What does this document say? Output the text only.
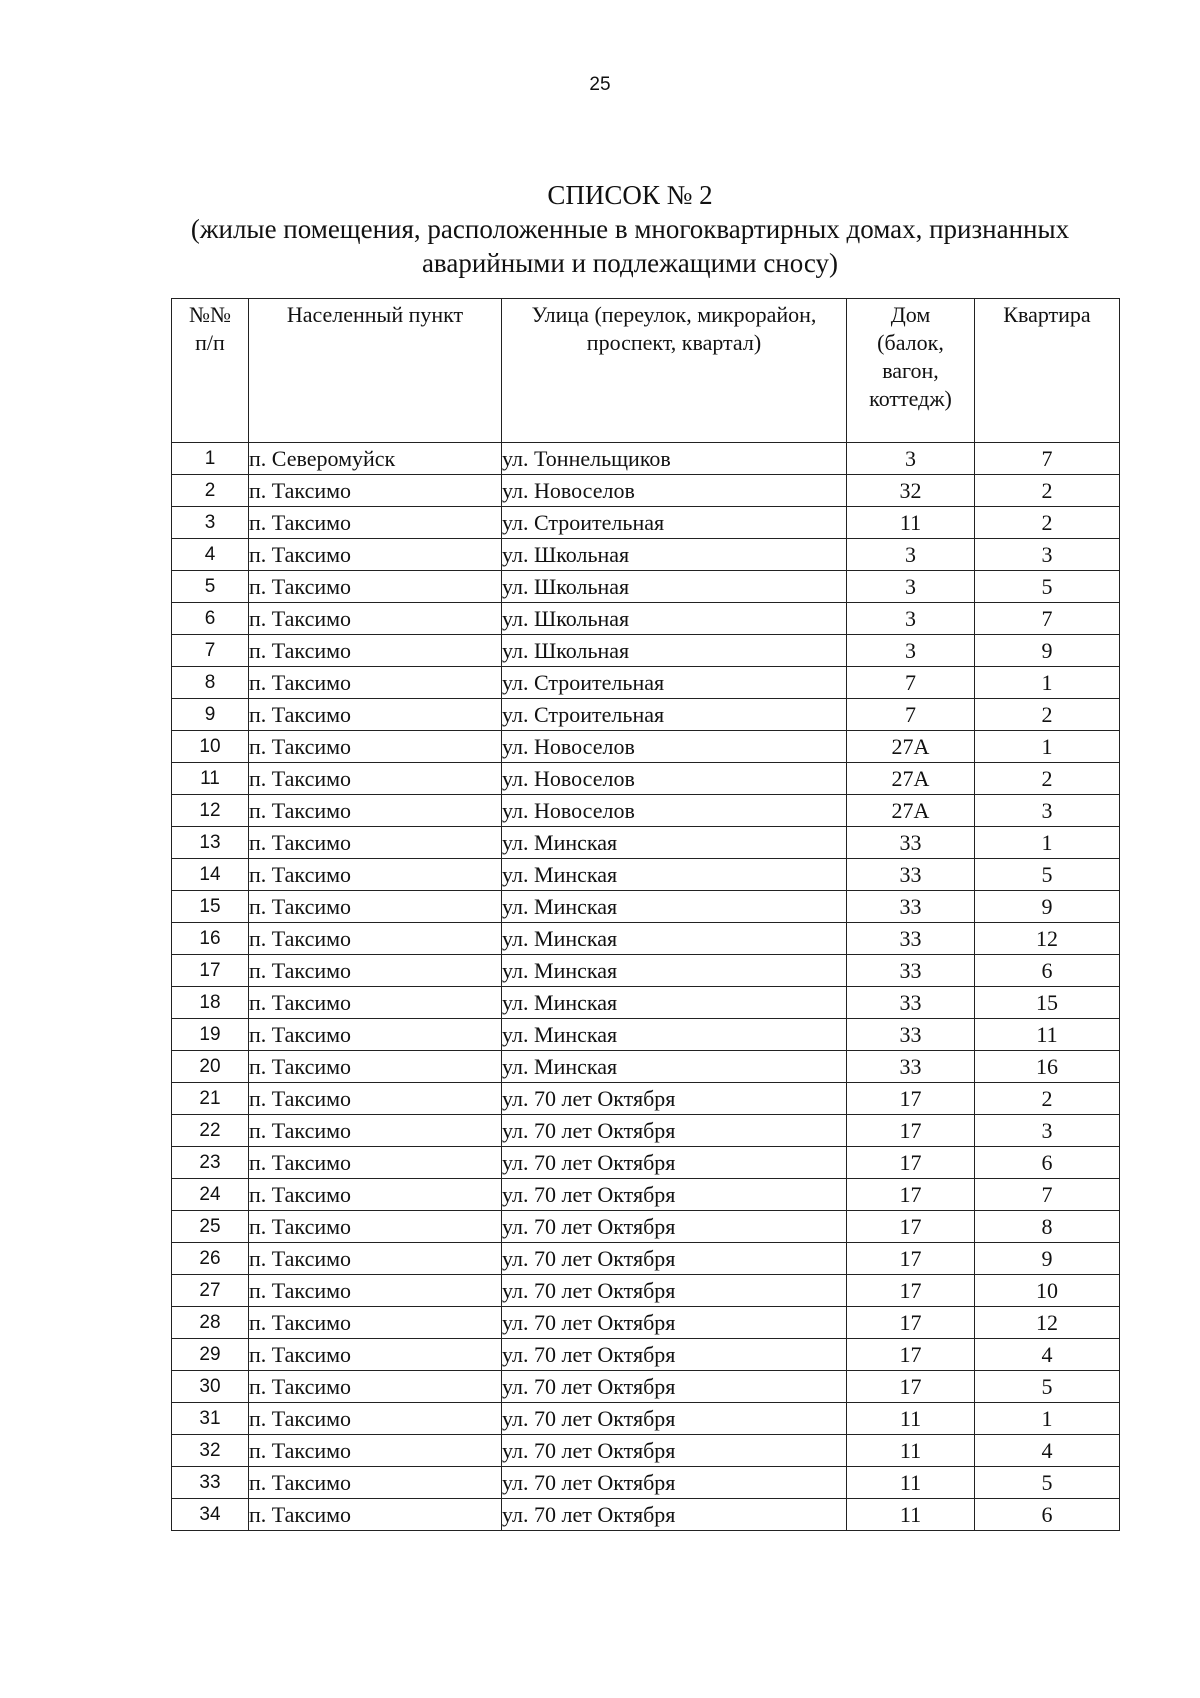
25
СПИСОК № 2
(жилые помещения, расположенные в многоквартирных домах, признанных
аварийными и подлежащими сносу)
№№ п/п	Населенный пункт	Улица (переулок, микрорайон, проспект, квартал)	Дом (балок, вагон, коттедж)	Квартира
1	п. Северомуйск	ул. Тоннельщиков	3	7
2	п. Таксимо	ул. Новоселов	32	2
3	п. Таксимо	ул. Строительная	11	2
4	п. Таксимо	ул. Школьная	3	3
5	п. Таксимо	ул. Школьная	3	5
6	п. Таксимо	ул. Школьная	3	7
7	п. Таксимо	ул. Школьная	3	9
8	п. Таксимо	ул. Строительная	7	1
9	п. Таксимо	ул. Строительная	7	2
10	п. Таксимо	ул. Новоселов	27А	1
11	п. Таксимо	ул. Новоселов	27А	2
12	п. Таксимо	ул. Новоселов	27А	3
13	п. Таксимо	ул. Минская	33	1
14	п. Таксимо	ул. Минская	33	5
15	п. Таксимо	ул. Минская	33	9
16	п. Таксимо	ул. Минская	33	12
17	п. Таксимо	ул. Минская	33	6
18	п. Таксимо	ул. Минская	33	15
19	п. Таксимо	ул. Минская	33	11
20	п. Таксимо	ул. Минская	33	16
21	п. Таксимо	ул. 70 лет Октября	17	2
22	п. Таксимо	ул. 70 лет Октября	17	3
23	п. Таксимо	ул. 70 лет Октября	17	6
24	п. Таксимо	ул. 70 лет Октября	17	7
25	п. Таксимо	ул. 70 лет Октября	17	8
26	п. Таксимо	ул. 70 лет Октября	17	9
27	п. Таксимо	ул. 70 лет Октября	17	10
28	п. Таксимо	ул. 70 лет Октября	17	12
29	п. Таксимо	ул. 70 лет Октября	17	4
30	п. Таксимо	ул. 70 лет Октября	17	5
31	п. Таксимо	ул. 70 лет Октября	11	1
32	п. Таксимо	ул. 70 лет Октября	11	4
33	п. Таксимо	ул. 70 лет Октября	11	5
34	п. Таксимо	ул. 70 лет Октября	11	6
